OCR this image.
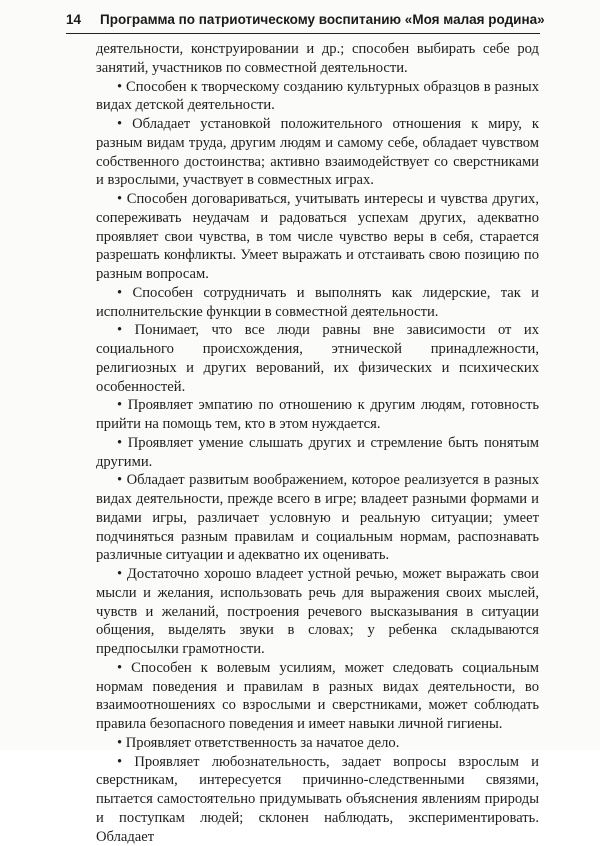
14 Программа по патриотическому воспитанию «Моя малая родина»

деятельности, конструировании и др.; способен выбирать себе род занятий, участников по совместной деятельности.

• Способен к творческому созданию культурных образцов в разных видах детской деятельности.

• Обладает установкой положительного отношения к миру, к разным видам труда, другим людям и самому себе, обладает чувством собственного достоинства; активно взаимодействует со сверстниками и взрослыми, участвует в совместных играх.

• Способен договариваться, учитывать интересы и чувства других, сопереживать неудачам и радоваться успехам других, адекватно проявляет свои чувства, в том числе чувство веры в себя, старается разрешать конфликты. Умеет выражать и отстаивать свою позицию по разным вопросам.

• Способен сотрудничать и выполнять как лидерские, так и исполнительские функции в совместной деятельности.

• Понимает, что все люди равны вне зависимости от их социального происхождения, этнической принадлежности, религиозных и других верований, их физических и психических особенностей.

• Проявляет эмпатию по отношению к другим людям, готовность прийти на помощь тем, кто в этом нуждается.

• Проявляет умение слышать других и стремление быть понятым другими.

• Обладает развитым воображением, которое реализуется в разных видах деятельности, прежде всего в игре; владеет разными формами и видами игры, различает условную и реальную ситуации; умеет подчиняться разным правилам и социальным нормам, распознавать различные ситуации и адекватно их оценивать.

• Достаточно хорошо владеет устной речью, может выражать свои мысли и желания, использовать речь для выражения своих мыслей, чувств и желаний, построения речевого высказывания в ситуации общения, выделять звуки в словах; у ребенка складываются предпосылки грамотности.

• Способен к волевым усилиям, может следовать социальным нормам поведения и правилам в разных видах деятельности, во взаимоотношениях со взрослыми и сверстниками, может соблюдать правила безопасного поведения и имеет навыки личной гигиены.

• Проявляет ответственность за начатое дело.

• Проявляет любознательность, задает вопросы взрослым и сверстникам, интересуется причинно-следственными связями, пытается самостоятельно придумывать объяснения явлениям природы и поступкам людей; склонен наблюдать, экспериментировать. Обладает
